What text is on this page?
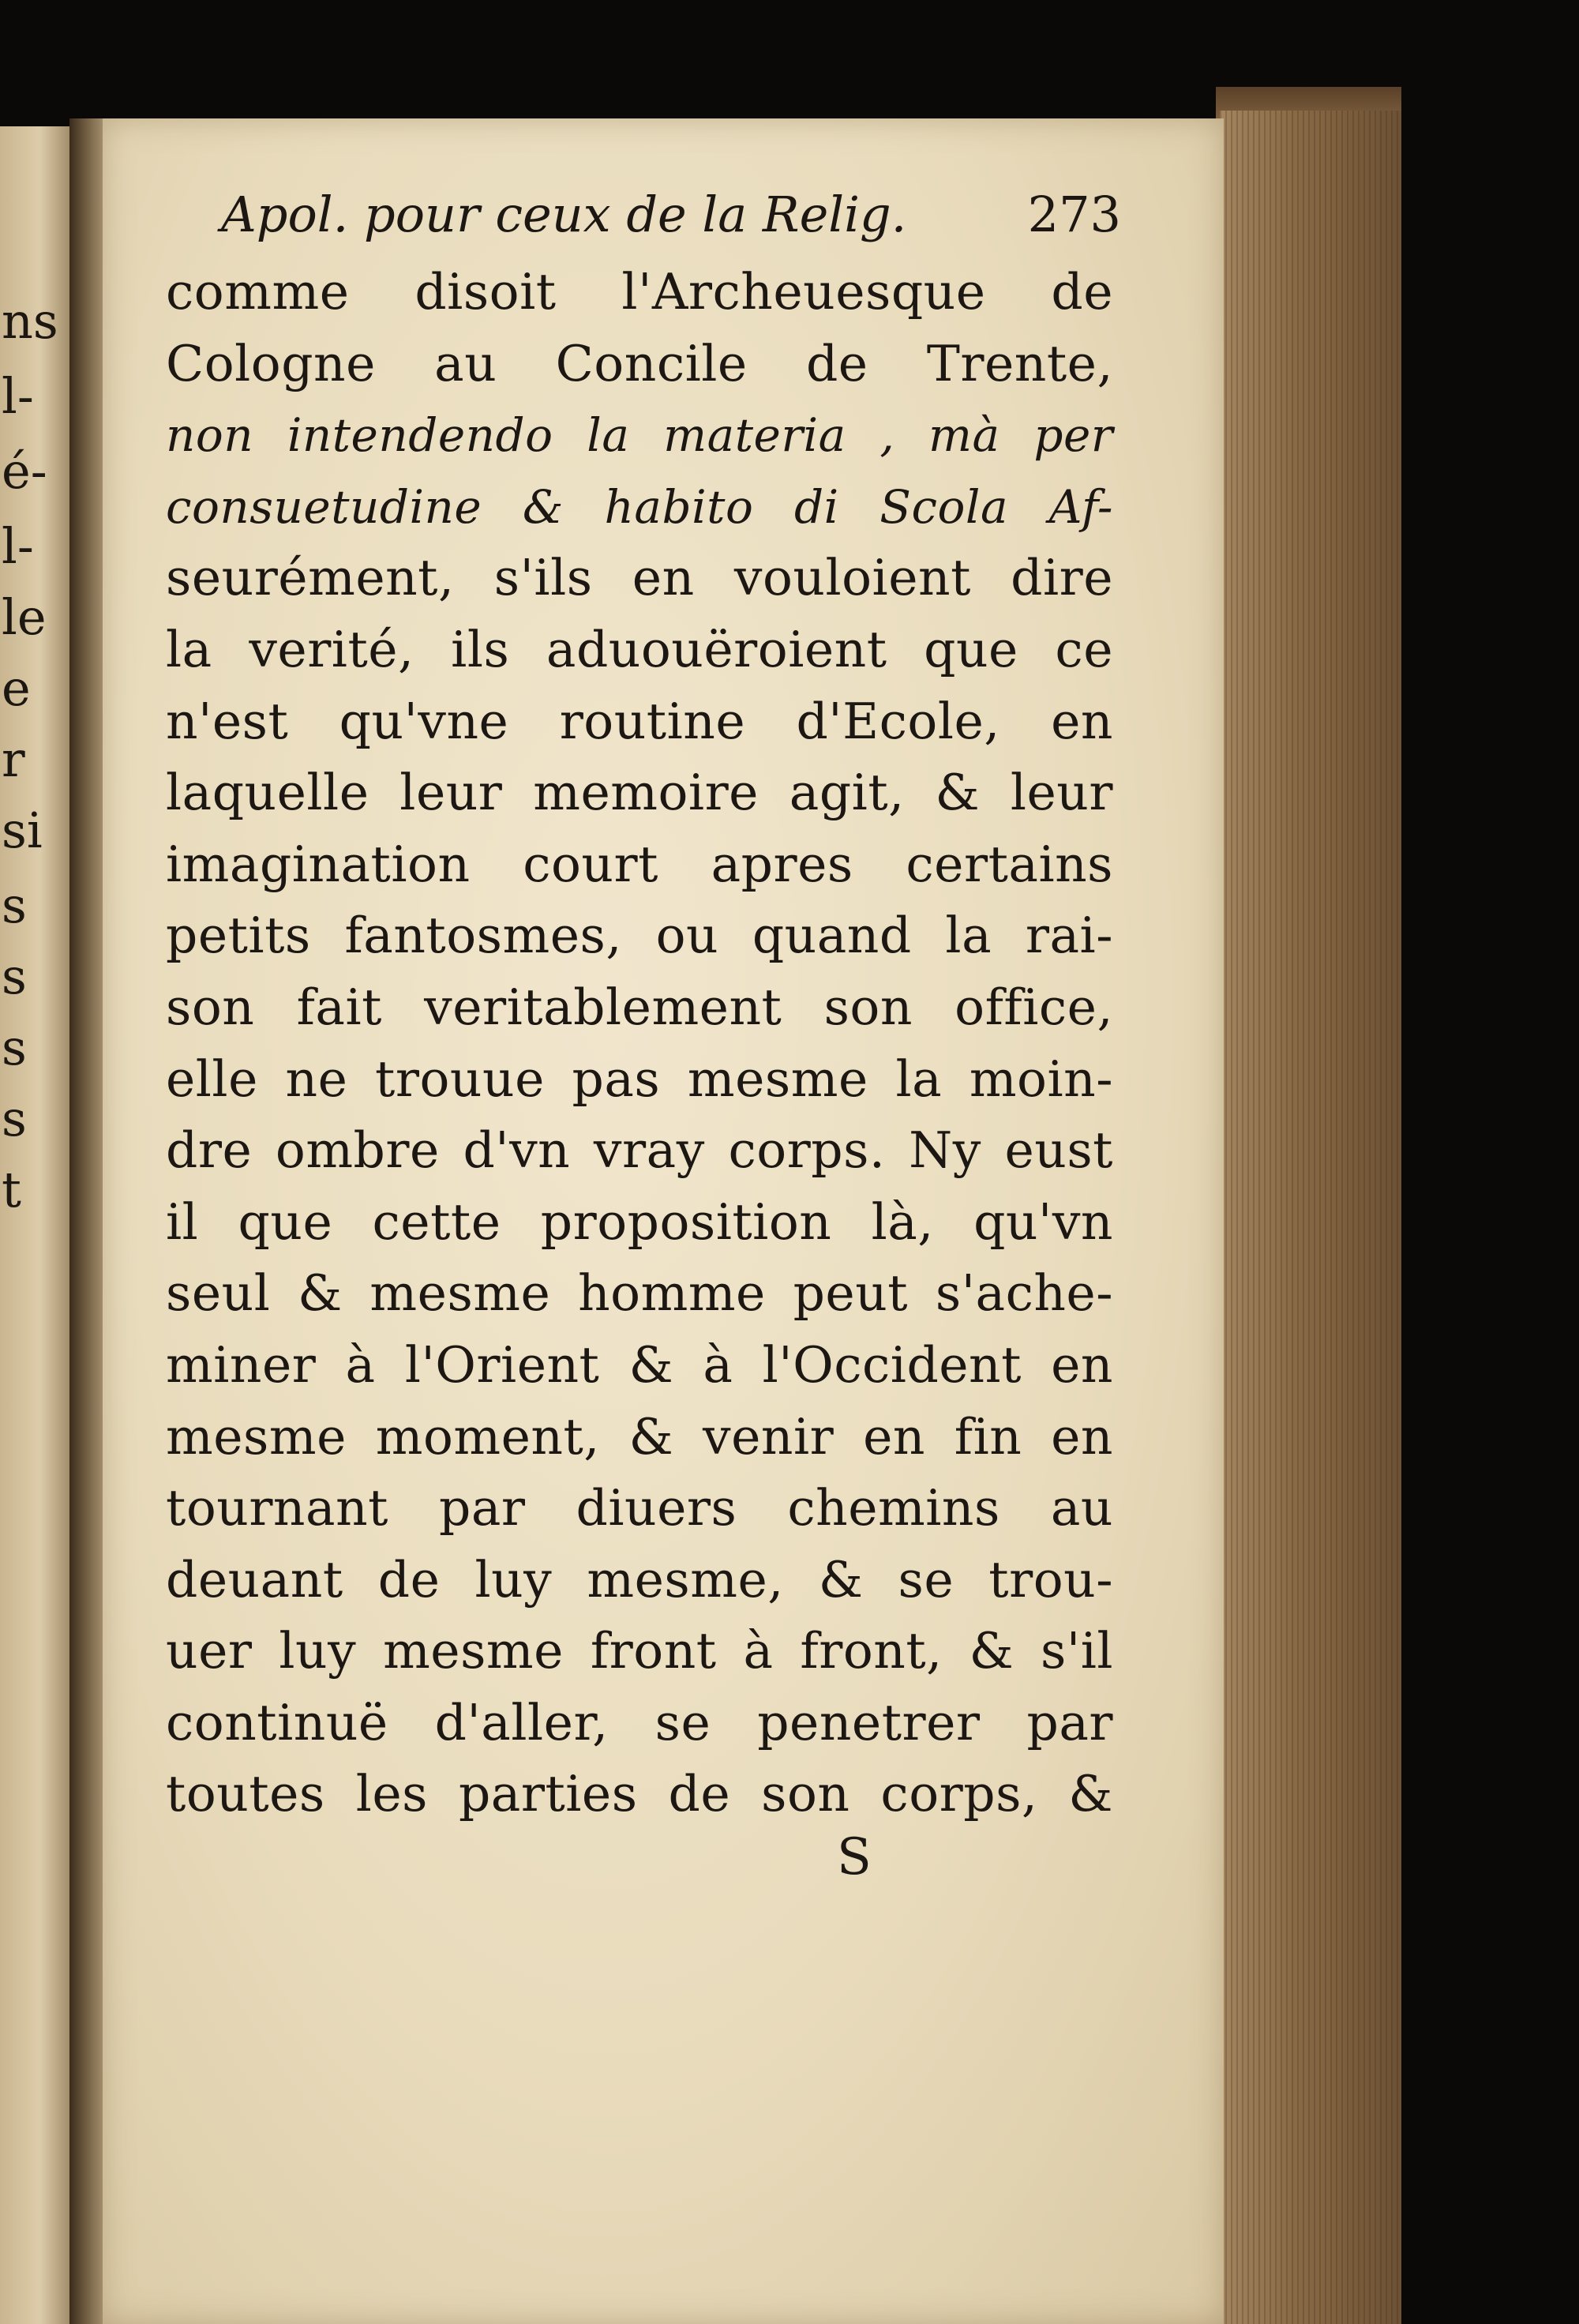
ns
l-
é-
l-
le
e
r
si
s
s
s
s
t
Apol. pour ceux de la Relig. 273
comme disoit l'Archeuesque de
Cologne au Concile de Trente,
non intendendo la materia , mà per
consuetudine & habito di Scola Af-
seurément, s'ils en vouloient dire
la verité, ils aduouëroient que ce
n'est qu'vne routine d'Ecole, en
laquelle leur memoire agit, & leur
imagination court apres certains
petits fantosmes, ou quand la rai-
son fait veritablement son office,
elle ne trouue pas mesme la moin-
dre ombre d'vn vray corps. Ny eust
il que cette proposition là, qu'vn
seul & mesme homme peut s'ache-
miner à l'Orient & à l'Occident en
mesme moment, & venir en fin en
tournant par diuers chemins au
deuant de luy mesme, & se trou-
uer luy mesme front à front, & s'il
continuë d'aller, se penetrer par
toutes les parties de son corps, &
S
